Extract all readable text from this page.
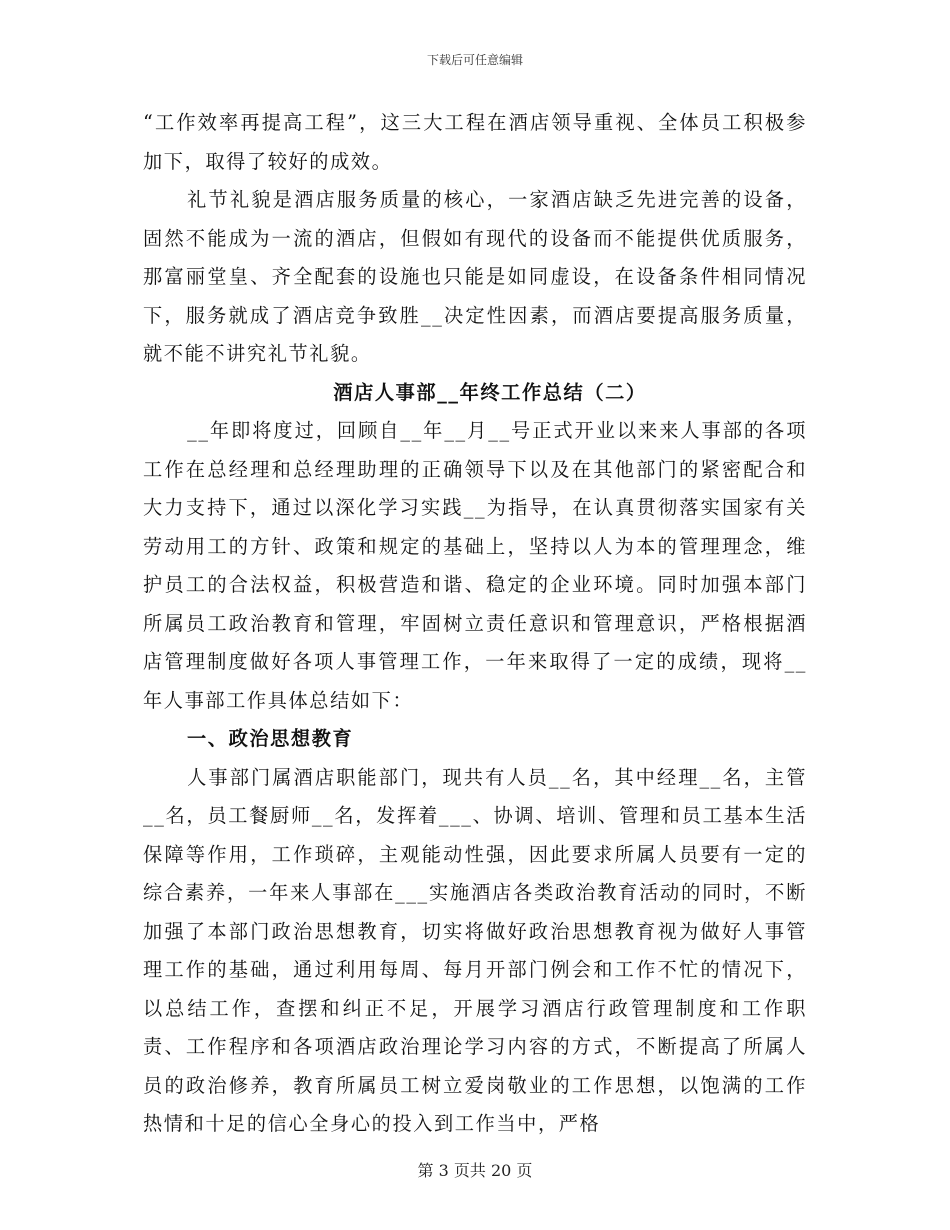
下载后可任意编辑

“工作效率再提高工程”，这三大工程在酒店领导重视、全体员工积极参加下，取得了较好的成效。

礼节礼貌是酒店服务质量的核心，一家酒店缺乏先进完善的设备，固然不能成为一流的酒店，但假如有现代的设备而不能提供优质服务，那富丽堂皇、齐全配套的设施也只能是如同虚设，在设备条件相同情况下，服务就成了酒店竞争致胜__决定性因素，而酒店要提高服务质量，就不能不讲究礼节礼貌。

酒店人事部__年终工作总结（二）

__年即将度过，回顾自__年__月__号正式开业以来来人事部的各项工作在总经理和总经理助理的正确领导下以及在其他部门的紧密配合和大力支持下，通过以深化学习实践__为指导，在认真贯彻落实国家有关劳动用工的方针、政策和规定的基础上，坚持以人为本的管理理念，维护员工的合法权益，积极营造和谐、稳定的企业环境。同时加强本部门所属员工政治教育和管理，牢固树立责任意识和管理意识，严格根据酒店管理制度做好各项人事管理工作，一年来取得了一定的成绩，现将__年人事部工作具体总结如下：

一、政治思想教育

人事部门属酒店职能部门，现共有人员__名，其中经理__名，主管__名，员工餐厨师__名，发挥着___、协调、培训、管理和员工基本生活保障等作用，工作琐碎，主观能动性强，因此要求所属人员要有一定的综合素养，一年来人事部在___实施酒店各类政治教育活动的同时，不断加强了本部门政治思想教育，切实将做好政治思想教育视为做好人事管理工作的基础，通过利用每周、每月开部门例会和工作不忙的情况下，以总结工作，查摆和纠正不足，开展学习酒店行政管理制度和工作职责、工作程序和各项酒店政治理论学习内容的方式，不断提高了所属人员的政治修养，教育所属员工树立爱岗敬业的工作思想，以饱满的工作热情和十足的信心全身心的投入到工作当中，严格

第 3 页共 20 页
